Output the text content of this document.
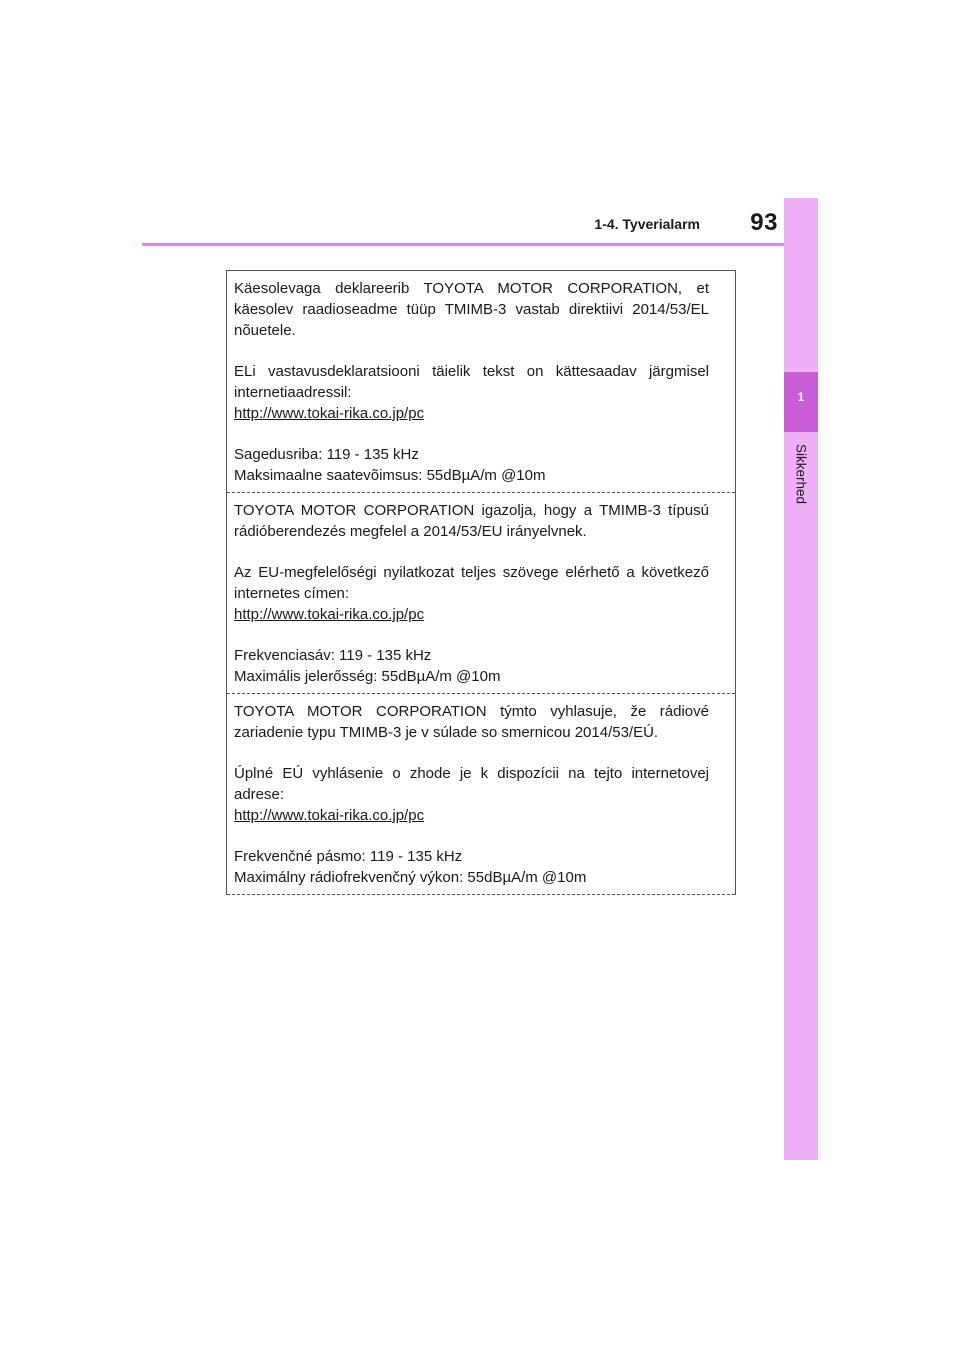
1
Sikkerhed
1-4. Tyverialarm	93

Käesolevaga deklareerib TOYOTA MOTOR CORPORATION, et käesolev raadioseadme tüüp TMIMB-3 vastab direktiivi 2014/53/EL nõuetele.

ELi vastavusdeklaratsiooni täielik tekst on kättesaadav järgmisel internetiaadressil:

http://www.tokai-rika.co.jp/pc

Sagedusriba: 119 - 135 kHz

Maksimaalne saatevõimsus: 55dBµA/m @10m

TOYOTA MOTOR CORPORATION igazolja, hogy a TMIMB-3 típusú rádióberendezés megfelel a 2014/53/EU irányelvnek.

Az EU-megfelelőségi nyilatkozat teljes szövege elérhető a következő internetes címen:

http://www.tokai-rika.co.jp/pc

Frekvenciasáv: 119 - 135 kHz

Maximális jelerősség: 55dBµA/m @10m

TOYOTA MOTOR CORPORATION týmto vyhlasuje, že rádiové zariadenie typu TMIMB-3 je v súlade so smernicou 2014/53/EÚ.

Úplné EÚ vyhlásenie o zhode je k dispozícii na tejto internetovej adrese:

http://www.tokai-rika.co.jp/pc

Frekvenčné pásmo: 119 - 135 kHz

Maximálny rádiofrekvenčný výkon: 55dBµA/m @10m
